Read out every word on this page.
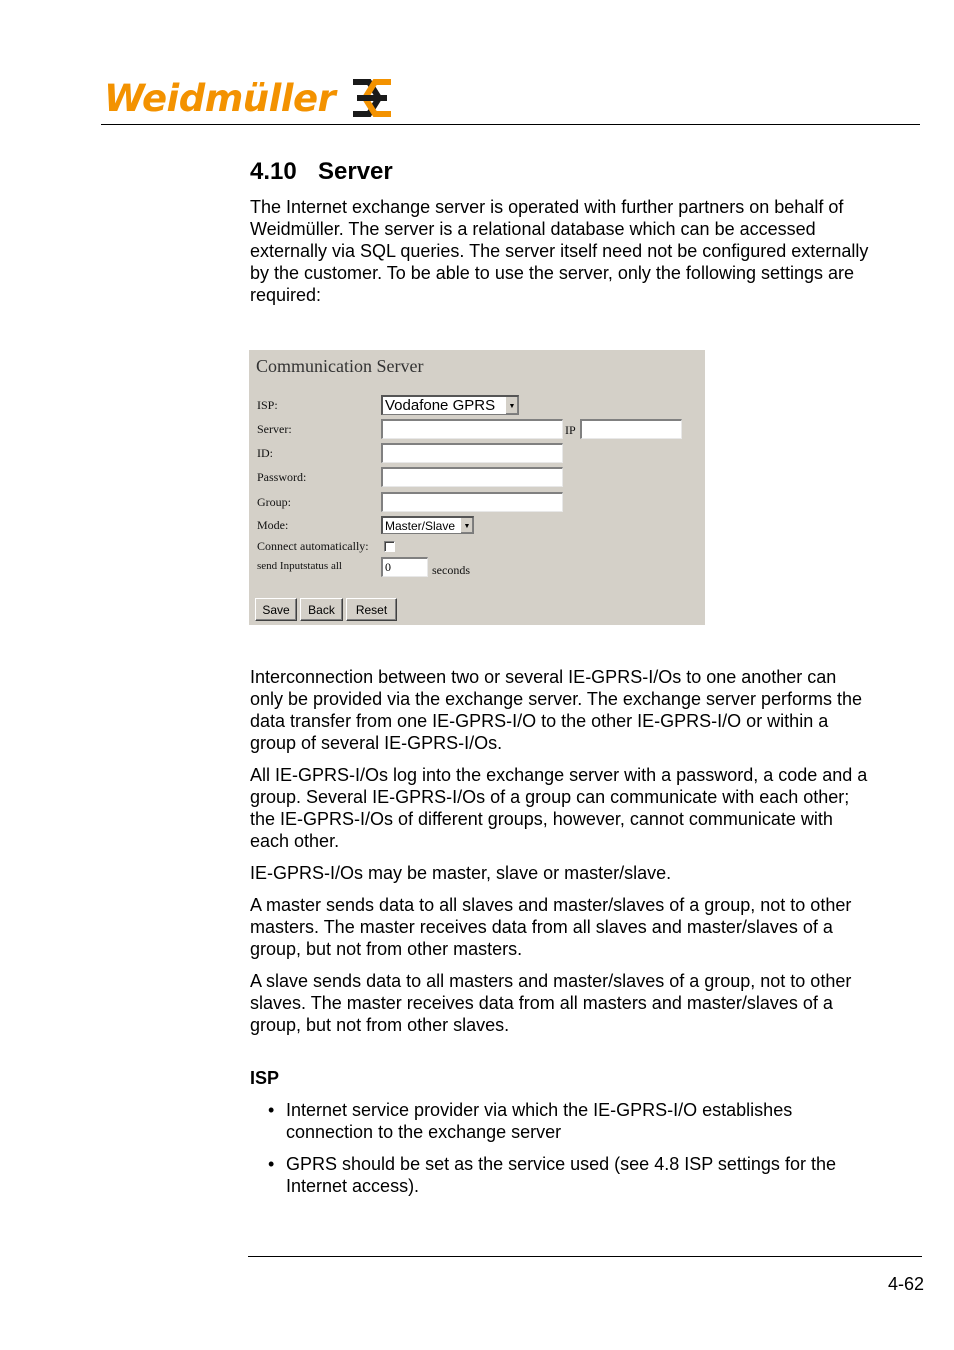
Weidmüller
4.10 Server

The Internet exchange server is operated with further partners on behalf of Weidmüller. The server is a relational database which can be accessed externally via SQL queries. The server itself need not be configured externally by the customer. To be able to use the server, only the following settings are required:

Communication Server
ISP:	Vodafone GPRS	▼
Server:	IP
ID:
Password:
Group:
Mode:	Master/Slave	▼
Connect automatically:
send Inputstatus all	0	seconds
Save	Back	Reset

Interconnection between two or several IE-GPRS-I/Os to one another can only be provided via the exchange server. The exchange server performs the data transfer from one IE-GPRS-I/O to the other IE-GPRS-I/O or within a group of several IE-GPRS-I/Os.

All IE-GPRS-I/Os log into the exchange server with a password, a code and a group. Several IE-GPRS-I/Os of a group can communicate with each other; the IE-GPRS-I/Os of different groups, however, cannot communicate with each other.

IE-GPRS-I/Os may be master, slave or master/slave.

A master sends data to all slaves and master/slaves of a group, not to other masters. The master receives data from all slaves and master/slaves of a group, but not from other masters.

A slave sends data to all masters and master/slaves of a group, not to other slaves. The master receives data from all masters and master/slaves of a group, but not from other slaves.

ISP
• Internet service provider via which the IE-GPRS-I/O establishes connection to the exchange server
• GPRS should be set as the service used (see 4.8 ISP settings for the Internet access).
4-62
